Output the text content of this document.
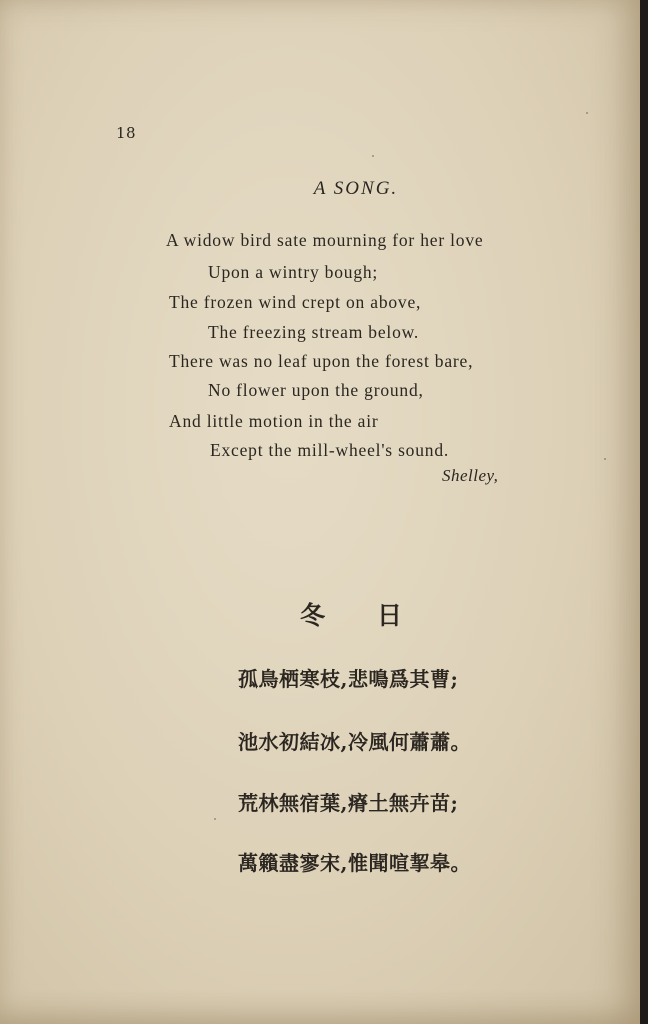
18
A SONG.
A widow bird sate mourning for her love
Upon a wintry bough;
The frozen wind crept on above,
The freezing stream below.
There was no leaf upon the forest bare,
No flower upon the ground,
And little motion in the air
Except the mill-wheel's sound.
Shelley,
冬日
孤鳥栖寒枝,悲鳴爲其曹;
池水初結冰,冷風何蕭蕭。
荒林無宿葉,瘠土無卉苗;
萬籟盡寥宋,惟聞喧挈皋。
